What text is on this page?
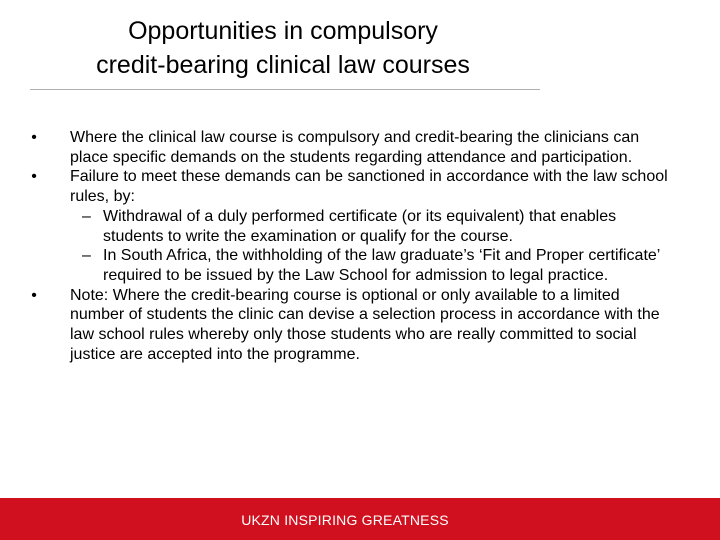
Opportunities in compulsory
credit-bearing clinical law courses
• Where the clinical law course is compulsory and credit-bearing the clinicians can place specific demands on the students regarding attendance and participation.
• Failure to meet these demands can be sanctioned in accordance with the law school rules, by:
– Withdrawal of a duly performed certificate (or its equivalent) that enables students to write the examination or qualify for the course.
– In South Africa, the withholding of the law graduate’s ‘Fit and Proper certificate’ required to be issued by the Law School for admission to legal practice.
• Note: Where the credit-bearing course is optional or only available to a limited number of students the clinic can devise a selection process in accordance with the law school rules whereby only those students who are really committed to social justice are accepted into the programme.
UKZN INSPIRING GREATNESS
